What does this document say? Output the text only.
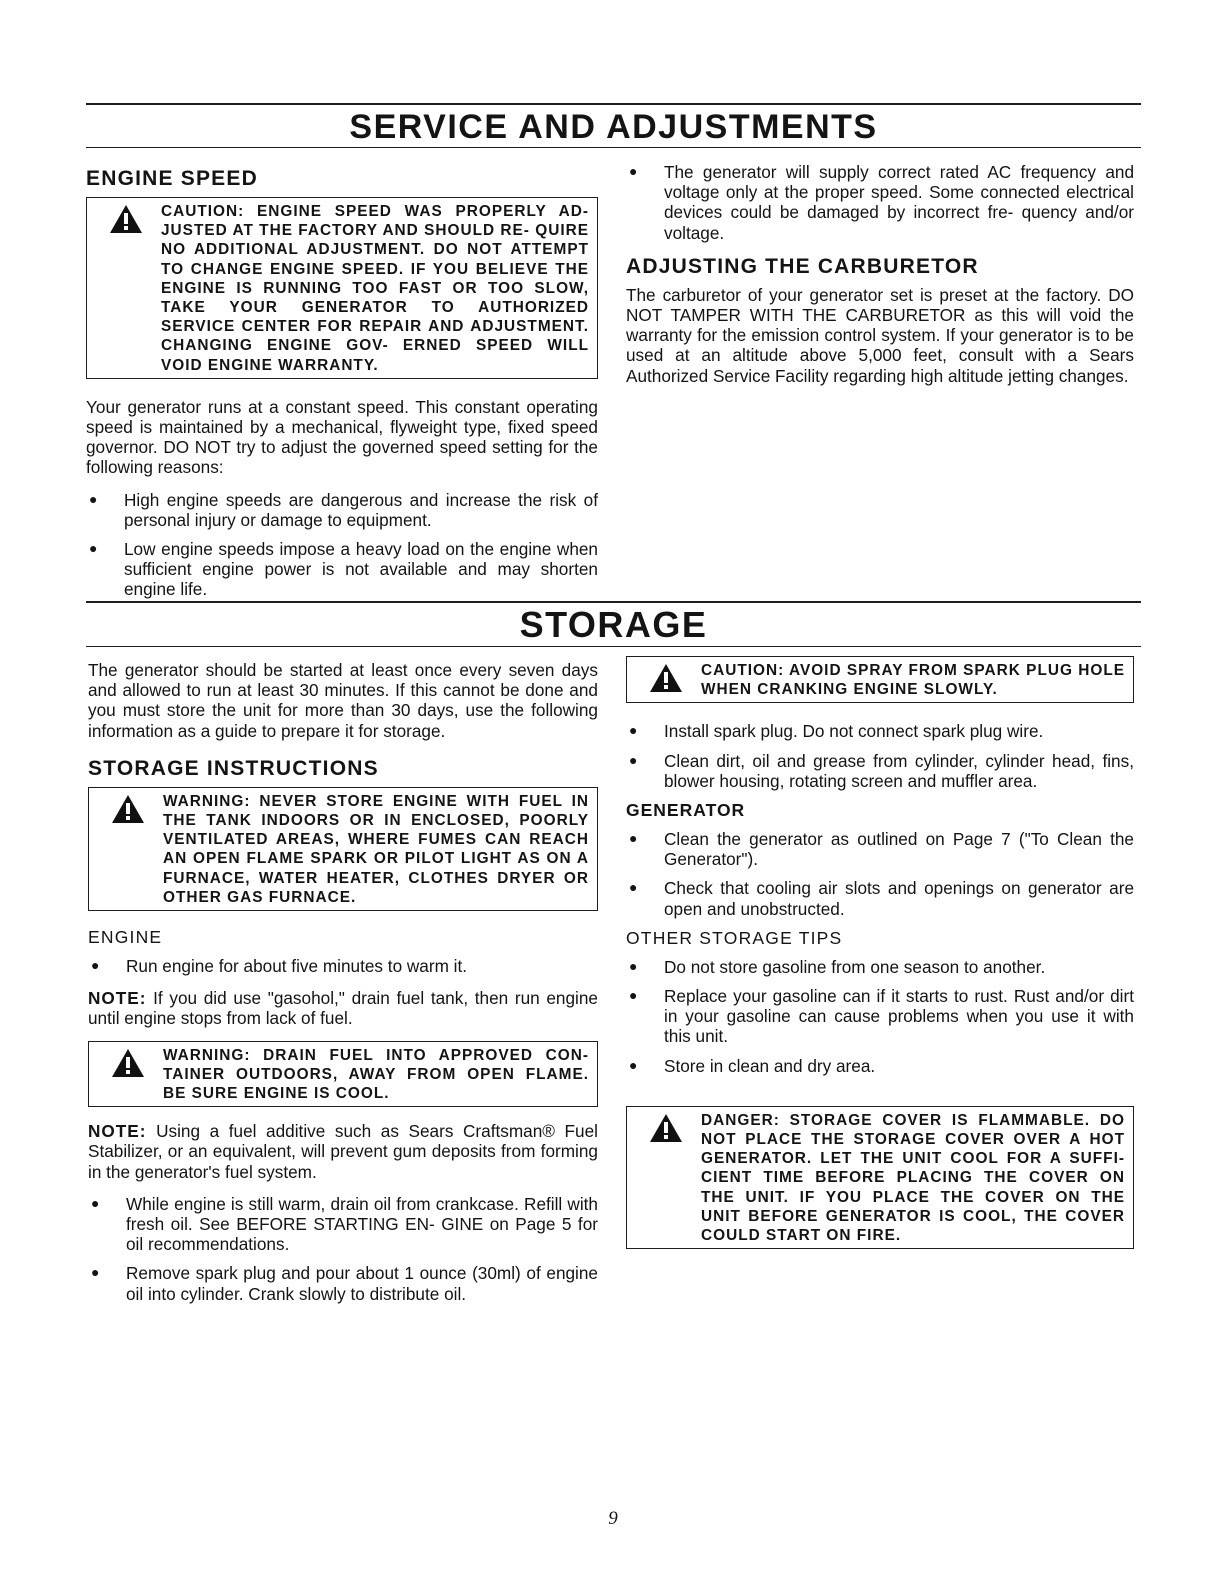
SERVICE AND ADJUSTMENTS
ENGINE SPEED

CAUTION: ENGINE SPEED WAS PROPERLY AD- JUSTED AT THE FACTORY AND SHOULD RE- QUIRE NO ADDITIONAL ADJUSTMENT. DO NOT ATTEMPT TO CHANGE ENGINE SPEED. IF YOU BELIEVE THE ENGINE IS RUNNING TOO FAST OR TOO SLOW, TAKE YOUR GENERATOR TO AUTHORIZED SERVICE CENTER FOR REPAIR AND ADJUSTMENT. CHANGING ENGINE GOV- ERNED SPEED WILL VOID ENGINE WARRANTY.

Your generator runs at a constant speed. This constant operating speed is maintained by a mechanical, flyweight type, fixed speed governor. DO NOT try to adjust the governed speed setting for the following reasons:

● High engine speeds are dangerous and increase the risk of personal injury or damage to equipment.
● Low engine speeds impose a heavy load on the engine when sufficient engine power is not available and may shorten engine life.
● The generator will supply correct rated AC frequency and voltage only at the proper speed. Some connected electrical devices could be damaged by incorrect fre- quency and/or voltage.
ADJUSTING THE CARBURETOR

The carburetor of your generator set is preset at the factory. DO NOT TAMPER WITH THE CARBURETOR as this will void the warranty for the emission control system. If your generator is to be used at an altitude above 5,000 feet, consult with a Sears Authorized Service Facility regarding high altitude jetting changes.

STORAGE

The generator should be started at least once every seven days and allowed to run at least 30 minutes. If this cannot be done and you must store the unit for more than 30 days, use the following information as a guide to prepare it for storage.

STORAGE INSTRUCTIONS

WARNING: NEVER STORE ENGINE WITH FUEL IN THE TANK INDOORS OR IN ENCLOSED, POORLY VENTILATED AREAS, WHERE FUMES CAN REACH AN OPEN FLAME SPARK OR PILOT LIGHT AS ON A FURNACE, WATER HEATER, CLOTHES DRYER OR OTHER GAS FURNACE.

ENGINE
● Run engine for about five minutes to warm it.

NOTE: If you did use "gasohol," drain fuel tank, then run engine until engine stops from lack of fuel.

WARNING: DRAIN FUEL INTO APPROVED CON- TAINER OUTDOORS, AWAY FROM OPEN FLAME. BE SURE ENGINE IS COOL.

NOTE: Using a fuel additive such as Sears Craftsman® Fuel Stabilizer, or an equivalent, will prevent gum deposits from forming in the generator's fuel system.

● While engine is still warm, drain oil from crankcase. Refill with fresh oil. See BEFORE STARTING EN- GINE on Page 5 for oil recommendations.
● Remove spark plug and pour about 1 ounce (30ml) of engine oil into cylinder. Crank slowly to distribute oil.

CAUTION: AVOID SPRAY FROM SPARK PLUG HOLE WHEN CRANKING ENGINE SLOWLY.

● Install spark plug. Do not connect spark plug wire.
● Clean dirt, oil and grease from cylinder, cylinder head, fins, blower housing, rotating screen and muffler area.
GENERATOR
● Clean the generator as outlined on Page 7 ("To Clean the Generator").
● Check that cooling air slots and openings on generator are open and unobstructed.
OTHER STORAGE TIPS
● Do not store gasoline from one season to another.
● Replace your gasoline can if it starts to rust. Rust and/or dirt in your gasoline can cause problems when you use it with this unit.
● Store in clean and dry area.

DANGER: STORAGE COVER IS FLAMMABLE. DO NOT PLACE THE STORAGE COVER OVER A HOT GENERATOR. LET THE UNIT COOL FOR A SUFFI- CIENT TIME BEFORE PLACING THE COVER ON THE UNIT. IF YOU PLACE THE COVER ON THE UNIT BEFORE GENERATOR IS COOL, THE COVER COULD START ON FIRE.

9
